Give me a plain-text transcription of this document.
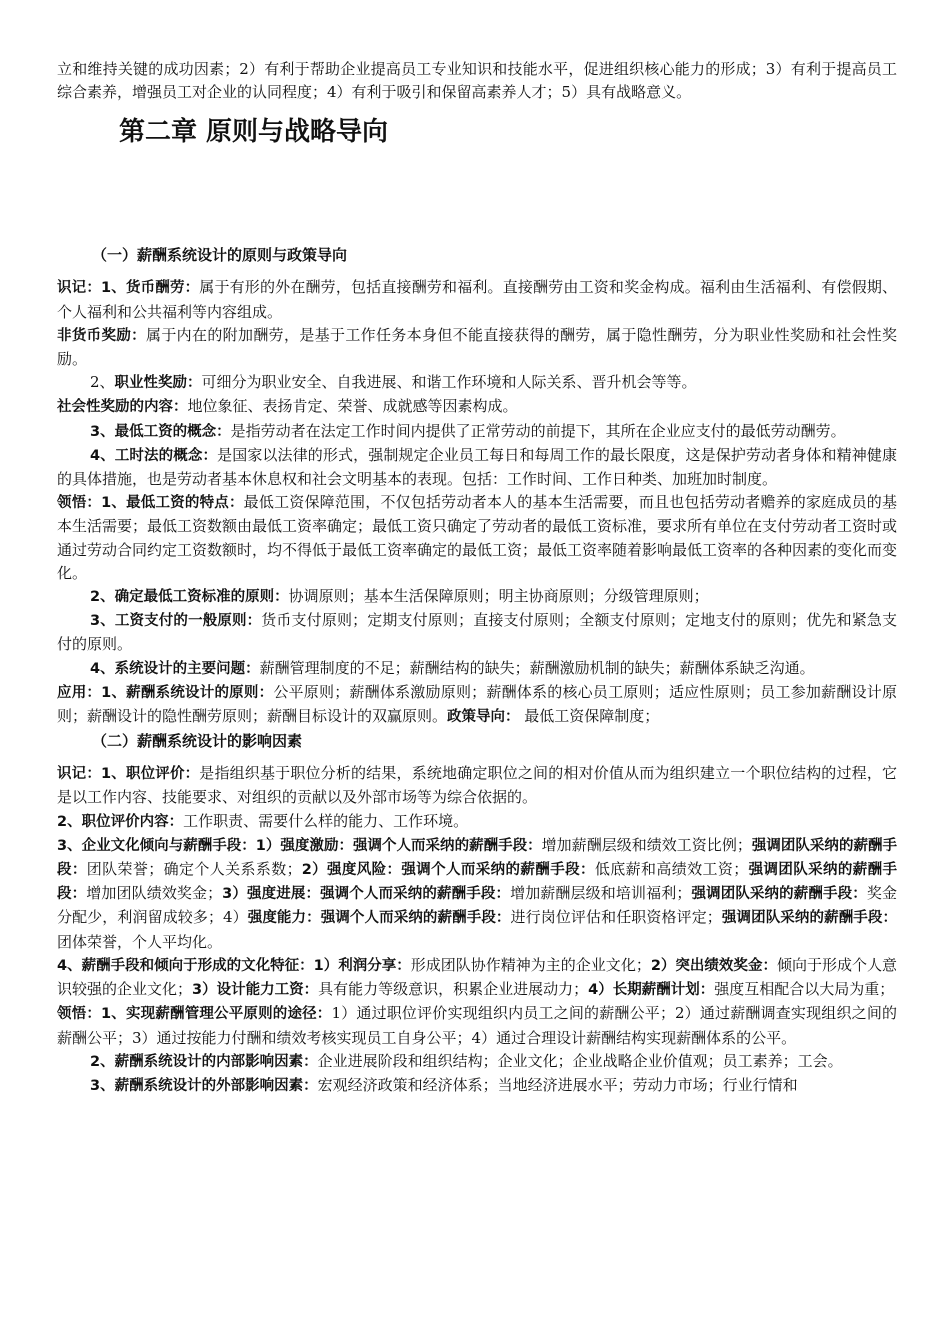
立和维持关键的成功因素；2）有利于帮助企业提高员工专业知识和技能水平，促进组织核心能力的形成；3）有利于提高员工综合素养，增强员工对企业的认同程度；4）有利于吸引和保留高素养人才；5）具有战略意义。

第二章 原则与战略导向
（一）薪酬系统设计的原则与政策导向

识记：1、货币酬劳：属于有形的外在酬劳，包括直接酬劳和福利。直接酬劳由工资和奖金构成。福利由生活福利、有偿假期、个人福利和公共福利等内容组成。

非货币奖励：属于内在的附加酬劳，是基于工作任务本身但不能直接获得的酬劳，属于隐性酬劳，分为职业性奖励和社会性奖励。

2、职业性奖励：可细分为职业安全、自我进展、和谐工作环境和人际关系、晋升机会等等。

社会性奖励的内容：地位象征、表扬肯定、荣誉、成就感等因素构成。

3、最低工资的概念：是指劳动者在法定工作时间内提供了正常劳动的前提下，其所在企业应支付的最低劳动酬劳。

4、工时法的概念：是国家以法律的形式，强制规定企业员工每日和每周工作的最长限度，这是保护劳动者身体和精神健康的具体措施，也是劳动者基本休息权和社会文明基本的表现。包括：工作时间、工作日种类、加班加时制度。

领悟：1、最低工资的特点：最低工资保障范围，不仅包括劳动者本人的基本生活需要，而且也包括劳动者赡养的家庭成员的基本生活需要；最低工资数额由最低工资率确定；最低工资只确定了劳动者的最低工资标准，要求所有单位在支付劳动者工资时或通过劳动合同约定工资数额时，均不得低于最低工资率确定的最低工资；最低工资率随着影响最低工资率的各种因素的变化而变化。

2、确定最低工资标准的原则：协调原则；基本生活保障原则；明主协商原则；分级管理原则；

3、工资支付的一般原则：货币支付原则；定期支付原则；直接支付原则；全额支付原则；定地支付的原则；优先和紧急支付的原则。

4、系统设计的主要问题：薪酬管理制度的不足；薪酬结构的缺失；薪酬激励机制的缺失；薪酬体系缺乏沟通。

应用：1、薪酬系统设计的原则：公平原则；薪酬体系激励原则；薪酬体系的核心员工原则；适应性原则；员工参加薪酬设计原则；薪酬设计的隐性酬劳原则；薪酬目标设计的双赢原则。政策导向： 最低工资保障制度；

（二）薪酬系统设计的影响因素

识记：1、职位评价：是指组织基于职位分析的结果，系统地确定职位之间的相对价值从而为组织建立一个职位结构的过程，它是以工作内容、技能要求、对组织的贡献以及外部市场等为综合依据的。

2、职位评价内容：工作职责、需要什么样的能力、工作环境。

3、企业文化倾向与薪酬手段：1）强度激励：强调个人而采纳的薪酬手段：增加薪酬层级和绩效工资比例；强调团队采纳的薪酬手段：团队荣誉；确定个人关系系数；2）强度风险：强调个人而采纳的薪酬手段：低底薪和高绩效工资；强调团队采纳的薪酬手段：增加团队绩效奖金；3）强度进展：强调个人而采纳的薪酬手段：增加薪酬层级和培训福利；强调团队采纳的薪酬手段：奖金分配少，利润留成较多；4）强度能力：强调个人而采纳的薪酬手段：进行岗位评估和任职资格评定；强调团队采纳的薪酬手段：团体荣誉，个人平均化。

4、薪酬手段和倾向于形成的文化特征：1）利润分享：形成团队协作精神为主的企业文化；2）突出绩效奖金：倾向于形成个人意识较强的企业文化；3）设计能力工资：具有能力等级意识，积累企业进展动力；4）长期薪酬计划：强度互相配合以大局为重；

领悟：1、实现薪酬管理公平原则的途径：1）通过职位评价实现组织内员工之间的薪酬公平；2）通过薪酬调查实现组织之间的薪酬公平；3）通过按能力付酬和绩效考核实现员工自身公平；4）通过合理设计薪酬结构实现薪酬体系的公平。

2、薪酬系统设计的内部影响因素：企业进展阶段和组织结构；企业文化；企业战略企业价值观；员工素养；工会。

3、薪酬系统设计的外部影响因素：宏观经济政策和经济体系；当地经济进展水平；劳动力市场；行业行情和
